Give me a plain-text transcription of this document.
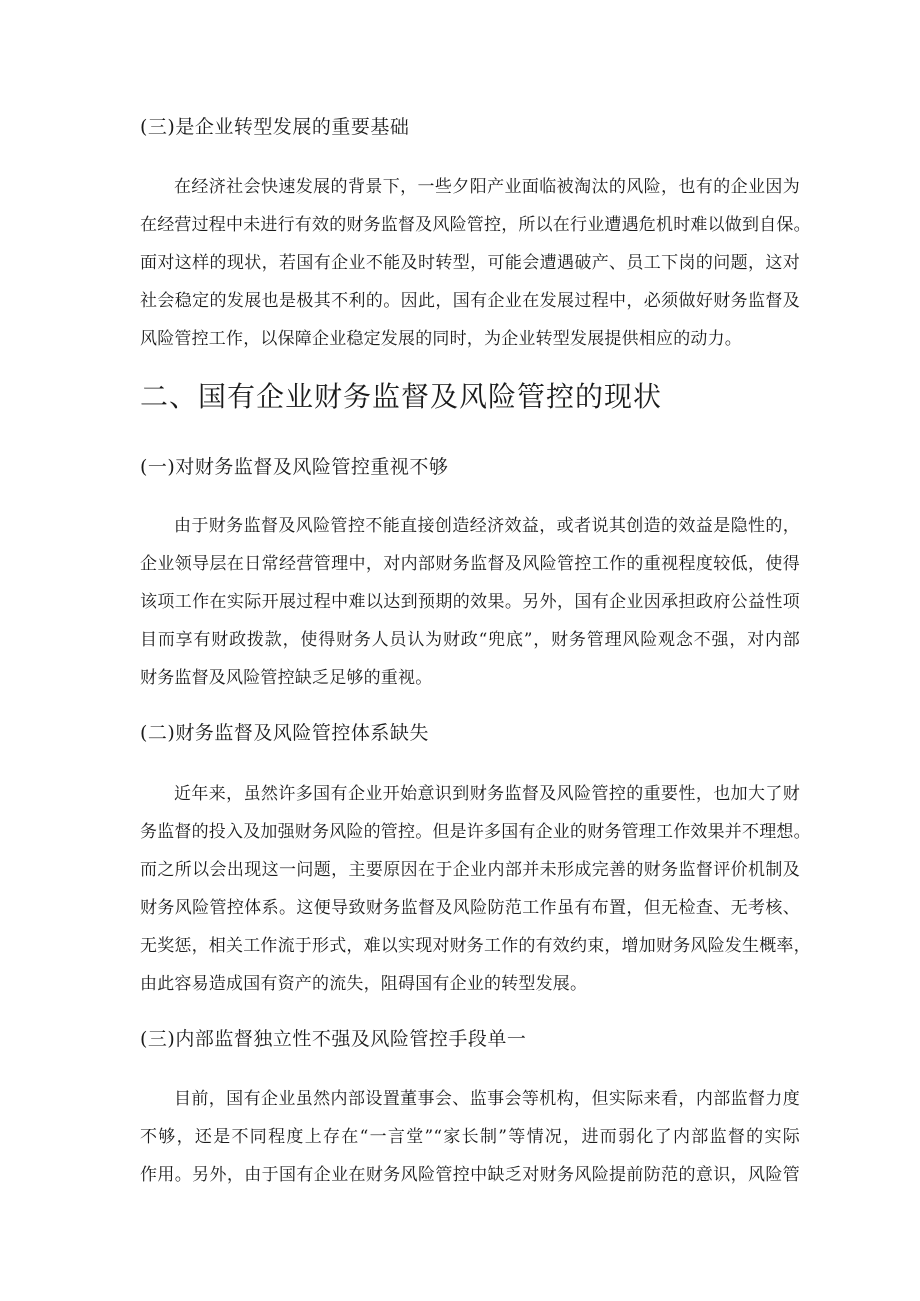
(三)是企业转型发展的重要基础
在经济社会快速发展的背景下，一些夕阳产业面临被淘汰的风险，也有的企业因为
在经营过程中未进行有效的财务监督及风险管控，所以在行业遭遇危机时难以做到自保。
面对这样的现状，若国有企业不能及时转型，可能会遭遇破产、员工下岗的问题，这对
社会稳定的发展也是极其不利的。因此，国有企业在发展过程中，必须做好财务监督及
风险管控工作，以保障企业稳定发展的同时，为企业转型发展提供相应的动力。
二、国有企业财务监督及风险管控的现状
(一)对财务监督及风险管控重视不够
由于财务监督及风险管控不能直接创造经济效益，或者说其创造的效益是隐性的，
企业领导层在日常经营管理中，对内部财务监督及风险管控工作的重视程度较低，使得
该项工作在实际开展过程中难以达到预期的效果。另外，国有企业因承担政府公益性项
目而享有财政拨款，使得财务人员认为财政“兜底”，财务管理风险观念不强，对内部
财务监督及风险管控缺乏足够的重视。
(二)财务监督及风险管控体系缺失
近年来，虽然许多国有企业开始意识到财务监督及风险管控的重要性，也加大了财
务监督的投入及加强财务风险的管控。但是许多国有企业的财务管理工作效果并不理想。
而之所以会出现这一问题，主要原因在于企业内部并未形成完善的财务监督评价机制及
财务风险管控体系。这便导致财务监督及风险防范工作虽有布置，但无检查、无考核、
无奖惩，相关工作流于形式，难以实现对财务工作的有效约束，增加财务风险发生概率，
由此容易造成国有资产的流失，阻碍国有企业的转型发展。
(三)内部监督独立性不强及风险管控手段单一
目前，国有企业虽然内部设置董事会、监事会等机构，但实际来看，内部监督力度
不够，还是不同程度上存在“一言堂”“家长制”等情况，进而弱化了内部监督的实际
作用。另外，由于国有企业在财务风险管控中缺乏对财务风险提前防范的意识，风险管
